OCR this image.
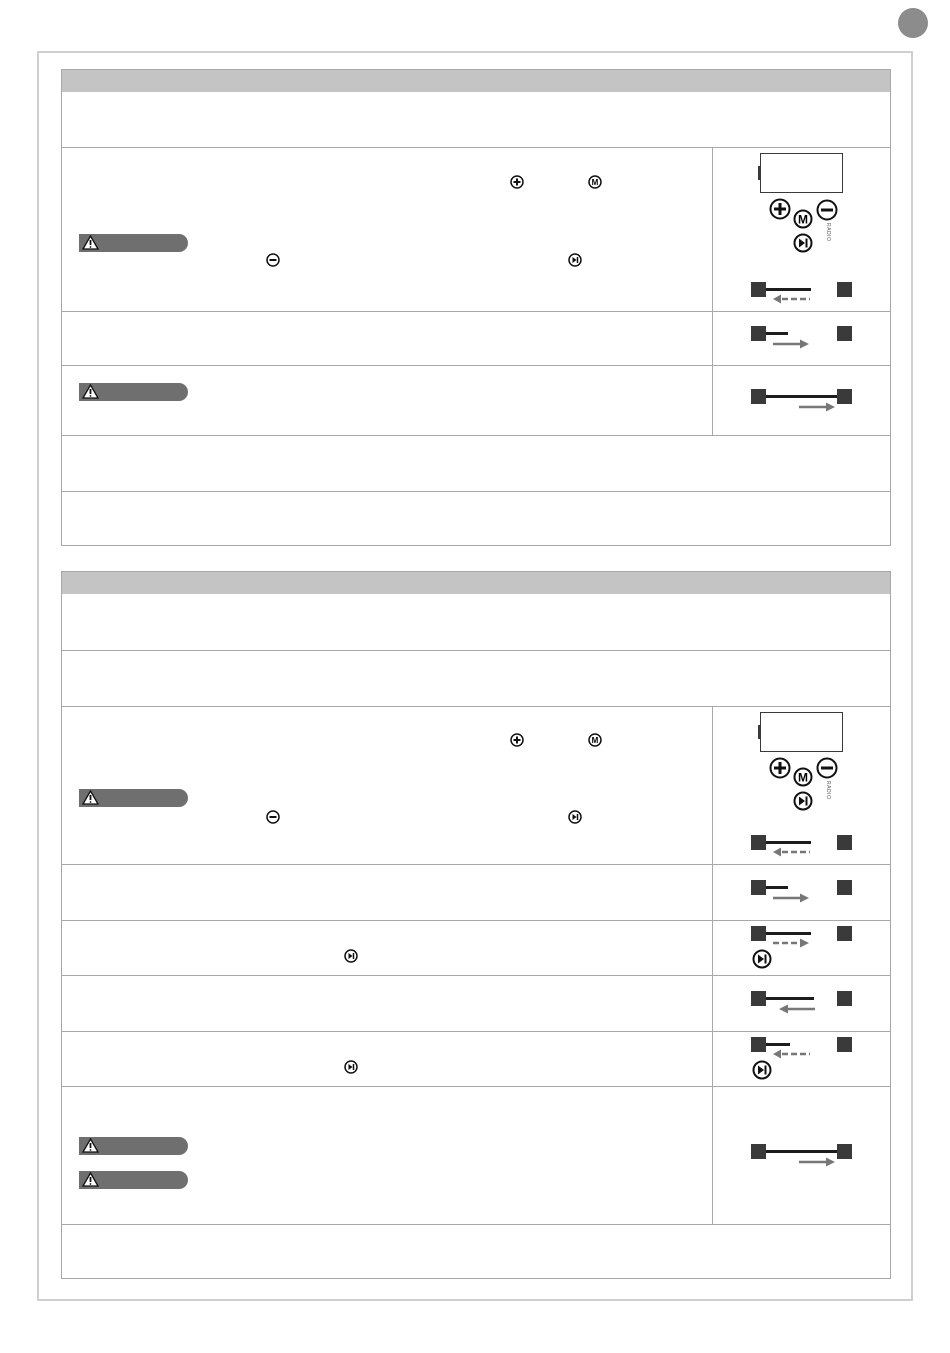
M
M
RADIO
M
M
RADIO
